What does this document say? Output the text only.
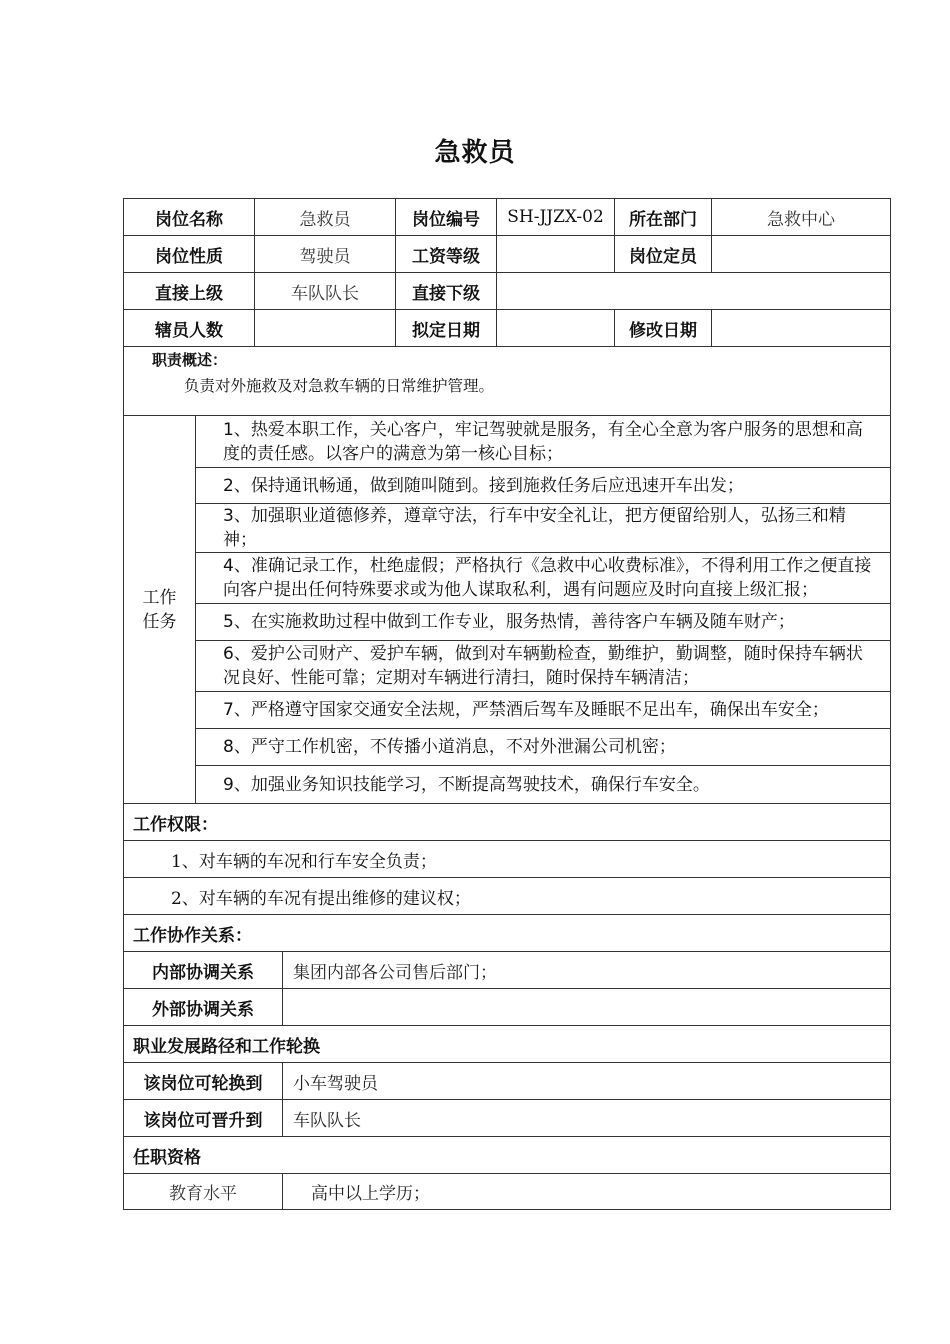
急救员
岗位名称		急救员		岗位编号	SH-JJZX-02	所在部门	急救中心
岗位性质		驾驶员		工资等级		岗位定员	
直接上级		车队队长		直接下级			
辖员人数				拟定日期		修改日期	

职责概述：
负责对外施救及对急救车辆的日常维护管理。							

工作
任务	1、热爱本职工作，关心客户，牢记驾驶就是服务，有全心全意为客户服务的思想和高度的责任感。以客户的满意为第一核心目标；						
	2、保持通讯畅通，做到随叫随到。接到施救任务后应迅速开车出发；						
	3、加强职业道德修养，遵章守法，行车中安全礼让，把方便留给别人，弘扬三和精神；						
	4、准确记录工作，杜绝虚假；严格执行《急救中心收费标准》，不得利用工作之便直接向客户提出任何特殊要求或为他人谋取私利，遇有问题应及时向直接上级汇报；						
	5、在实施救助过程中做到工作专业，服务热情，善待客户车辆及随车财产；						
	6、爱护公司财产、爱护车辆，做到对车辆勤检查，勤维护，勤调整，随时保持车辆状况良好、性能可靠；定期对车辆进行清扫，随时保持车辆清洁；						
	7、严格遵守国家交通安全法规，严禁酒后驾车及睡眠不足出车，确保出车安全；						
	8、严守工作机密，不传播小道消息，不对外泄漏公司机密；						
	9、加强业务知识技能学习，不断提高驾驶技术，确保行车安全。						
工作权限：							
1、对车辆的车况和行车安全负责；							
2、对车辆的车况有提出维修的建议权；							
工作协作关系：							
内部协调关系			集团内部各公司售后部门；				
外部协调关系							
职业发展路径和工作轮换							
该岗位可轮换到			小车驾驶员				
该岗位可晋升到			车队队长				
任职资格							
教育水平			高中以上学历；				
